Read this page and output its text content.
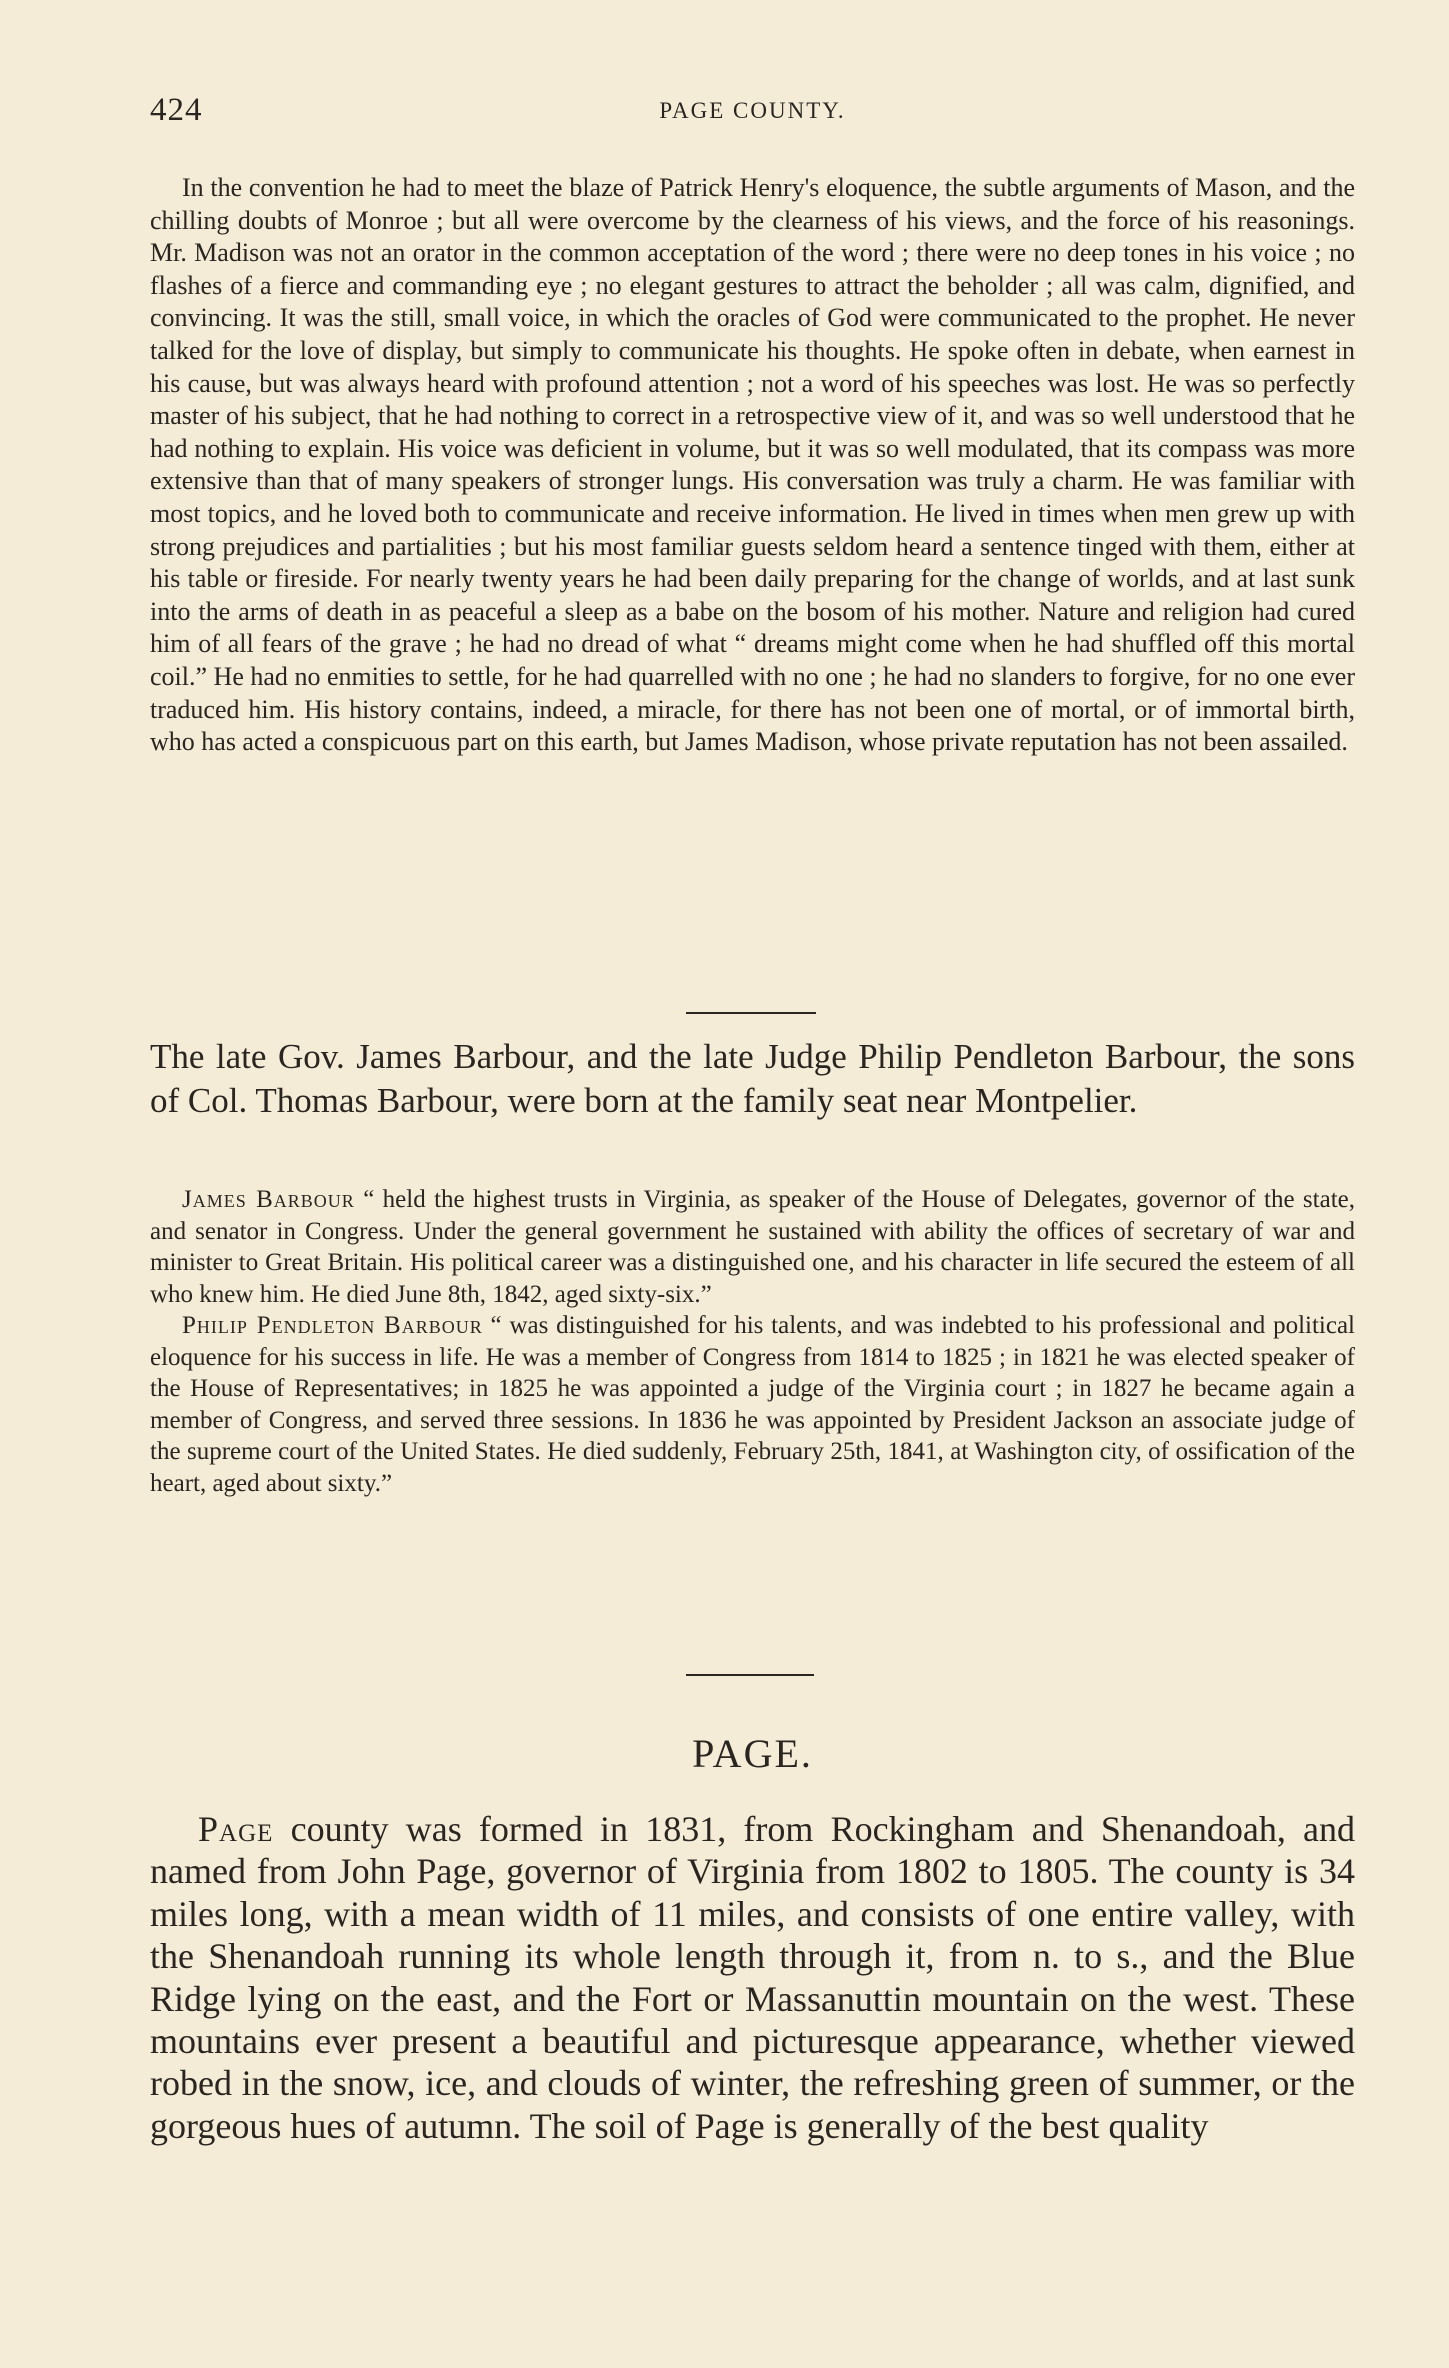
424	PAGE COUNTY.

In the convention he had to meet the blaze of Patrick Henry's eloquence, the subtle arguments of Mason, and the chilling doubts of Monroe ; but all were overcome by the clearness of his views, and the force of his reasonings. Mr. Madison was not an orator in the common acceptation of the word ; there were no deep tones in his voice ; no flashes of a fierce and commanding eye ; no elegant gestures to attract the beholder ; all was calm, dignified, and convincing. It was the still, small voice, in which the oracles of God were communicated to the prophet. He never talked for the love of display, but simply to communicate his thoughts. He spoke often in debate, when earnest in his cause, but was always heard with profound attention ; not a word of his speeches was lost. He was so perfectly master of his subject, that he had nothing to correct in a retrospective view of it, and was so well understood that he had nothing to explain. His voice was deficient in volume, but it was so well modulated, that its compass was more extensive than that of many speakers of stronger lungs. His conversation was truly a charm. He was familiar with most topics, and he loved both to communicate and receive information. He lived in times when men grew up with strong prejudices and partialities ; but his most familiar guests seldom heard a sentence tinged with them, either at his table or fireside. For nearly twenty years he had been daily preparing for the change of worlds, and at last sunk into the arms of death in as peaceful a sleep as a babe on the bosom of his mother. Nature and religion had cured him of all fears of the grave ; he had no dread of what “ dreams might come when he had shuffled off this mortal coil.” He had no enmities to settle, for he had quarrelled with no one ; he had no slanders to forgive, for no one ever traduced him. His history contains, indeed, a miracle, for there has not been one of mortal, or of immortal birth, who has acted a conspicuous part on this earth, but James Madison, whose private reputation has not been assailed.

The late Gov. James Barbour, and the late Judge Philip Pendleton Barbour, the sons of Col. Thomas Barbour, were born at the family seat near Montpelier.

James Barbour “ held the highest trusts in Virginia, as speaker of the House of Delegates, governor of the state, and senator in Congress. Under the general government he sustained with ability the offices of secretary of war and minister to Great Britain. His political career was a distinguished one, and his character in life secured the esteem of all who knew him. He died June 8th, 1842, aged sixty-six.”

Philip Pendleton Barbour “ was distinguished for his talents, and was indebted to his professional and political eloquence for his success in life. He was a member of Congress from 1814 to 1825 ; in 1821 he was elected speaker of the House of Representatives; in 1825 he was appointed a judge of the Virginia court ; in 1827 he became again a member of Congress, and served three sessions. In 1836 he was appointed by President Jackson an associate judge of the supreme court of the United States. He died suddenly, February 25th, 1841, at Washington city, of ossification of the heart, aged about sixty.”

PAGE.

Page county was formed in 1831, from Rockingham and Shenandoah, and named from John Page, governor of Virginia from 1802 to 1805. The county is 34 miles long, with a mean width of 11 miles, and consists of one entire valley, with the Shenandoah running its whole length through it, from n. to s., and the Blue Ridge lying on the east, and the Fort or Massanuttin mountain on the west. These mountains ever present a beautiful and picturesque appearance, whether viewed robed in the snow, ice, and clouds of winter, the refreshing green of summer, or the gorgeous hues of autumn. The soil of Page is generally of the best quality
